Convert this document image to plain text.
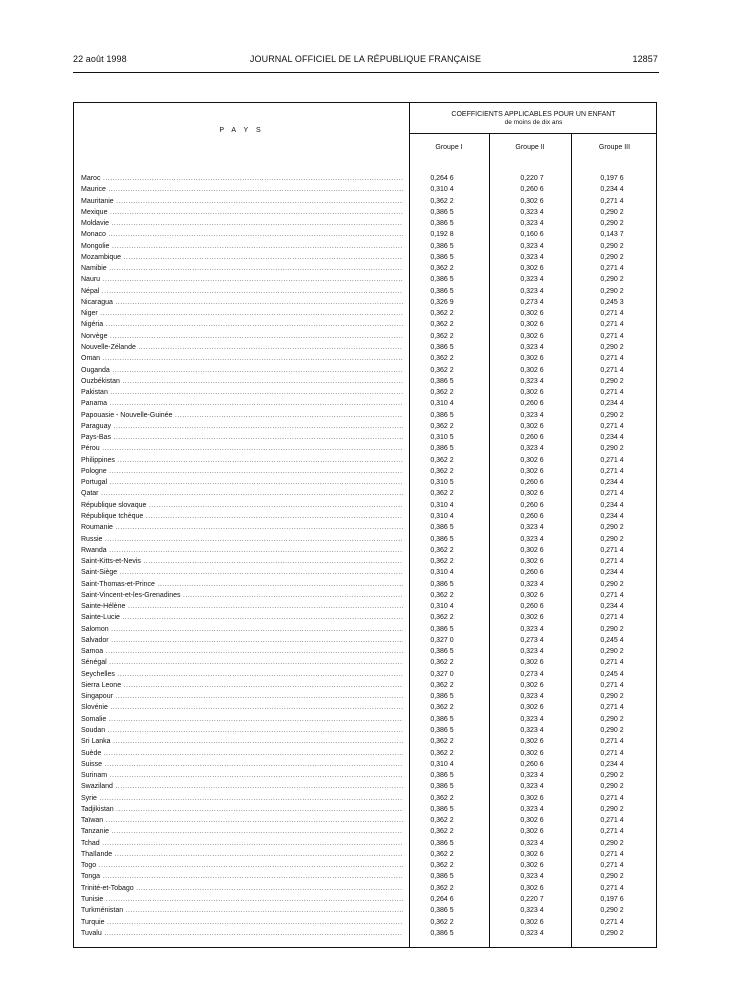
22 août 1998	JOURNAL OFFICIEL DE LA RÉPUBLIQUE FRANÇAISE	12857
P A Y S
COEFFICIENTS APPLICABLES POUR UN ENFANT
de moins de dix ans
Groupe I	Groupe II	Groupe III
Maroc .....	0,264 6	0,220 7	0,197 6
Maurice .....	0,310 4	0,260 6	0,234 4
Mauritanie .....	0,362 2	0,302 6	0,271 4
Mexique .....	0,386 5	0,323 4	0,290 2
Moldavie .....	0,386 5	0,323 4	0,290 2
Monaco .....	0,192 8	0,160 6	0,143 7
Mongolie .....	0,386 5	0,323 4	0,290 2
Mozambique .....	0,386 5	0,323 4	0,290 2
Namibie .....	0,362 2	0,302 6	0,271 4
Nauru .....	0,386 5	0,323 4	0,290 2
Népal .....	0,386 5	0,323 4	0,290 2
Nicaragua .....	0,326 9	0,273 4	0,245 3
Niger .....	0,362 2	0,302 6	0,271 4
Nigéria .....	0,362 2	0,302 6	0,271 4
Norvège .....	0,362 2	0,302 6	0,271 4
Nouvelle-Zélande .....	0,386 5	0,323 4	0,290 2
Oman .....	0,362 2	0,302 6	0,271 4
Ouganda .....	0,362 2	0,302 6	0,271 4
Ouzbékistan .....	0,386 5	0,323 4	0,290 2
Pakistan .....	0,362 2	0,302 6	0,271 4
Panama .....	0,310 4	0,260 6	0,234 4
Papouasie - Nouvelle-Guinée .....	0,386 5	0,323 4	0,290 2
Paraguay .....	0,362 2	0,302 6	0,271 4
Pays-Bas .....	0,310 5	0,260 6	0,234 4
Pérou .....	0,386 5	0,323 4	0,290 2
Philippines .....	0,362 2	0,302 6	0,271 4
Pologne .....	0,362 2	0,302 6	0,271 4
Portugal .....	0,310 5	0,260 6	0,234 4
Qatar .....	0,362 2	0,302 6	0,271 4
République slovaque .....	0,310 4	0,260 6	0,234 4
République tchèque .....	0,310 4	0,260 6	0,234 4
Roumanie .....	0,386 5	0,323 4	0,290 2
Russie .....	0,386 5	0,323 4	0,290 2
Rwanda .....	0,362 2	0,302 6	0,271 4
Saint-Kitts-et-Nevis .....	0,362 2	0,302 6	0,271 4
Saint-Siège .....	0,310 4	0,260 6	0,234 4
Saint-Thomas-et-Prince .....	0,386 5	0,323 4	0,290 2
Saint-Vincent-et-les-Grenadines .....	0,362 2	0,302 6	0,271 4
Sainte-Hélène .....	0,310 4	0,260 6	0,234 4
Sainte-Lucie .....	0,362 2	0,302 6	0,271 4
Salomon .....	0,386 5	0,323 4	0,290 2
Salvador .....	0,327 0	0,273 4	0,245 4
Samoa .....	0,386 5	0,323 4	0,290 2
Sénégal .....	0,362 2	0,302 6	0,271 4
Seychelles .....	0,327 0	0,273 4	0,245 4
Sierra Leone .....	0,362 2	0,302 6	0,271 4
Singapour .....	0,386 5	0,323 4	0,290 2
Slovénie .....	0,362 2	0,302 6	0,271 4
Somalie .....	0,386 5	0,323 4	0,290 2
Soudan .....	0,386 5	0,323 4	0,290 2
Sri Lanka .....	0,362 2	0,302 6	0,271 4
Suède .....	0,362 2	0,302 6	0,271 4
Suisse .....	0,310 4	0,260 6	0,234 4
Surinam .....	0,386 5	0,323 4	0,290 2
Swaziland .....	0,386 5	0,323 4	0,290 2
Syrie .....	0,362 2	0,302 6	0,271 4
Tadjikistan .....	0,386 5	0,323 4	0,290 2
Taïwan .....	0,362 2	0,302 6	0,271 4
Tanzanie .....	0,362 2	0,302 6	0,271 4
Tchad .....	0,386 5	0,323 4	0,290 2
Thaïlande .....	0,362 2	0,302 6	0,271 4
Togo .....	0,362 2	0,302 6	0,271 4
Tonga .....	0,386 5	0,323 4	0,290 2
Trinité-et-Tobago .....	0,362 2	0,302 6	0,271 4
Tunisie .....	0,264 6	0,220 7	0,197 6
Turkménistan .....	0,386 5	0,323 4	0,290 2
Turquie .....	0,362 2	0,302 6	0,271 4
Tuvalu .....	0,386 5	0,323 4	0,290 2
